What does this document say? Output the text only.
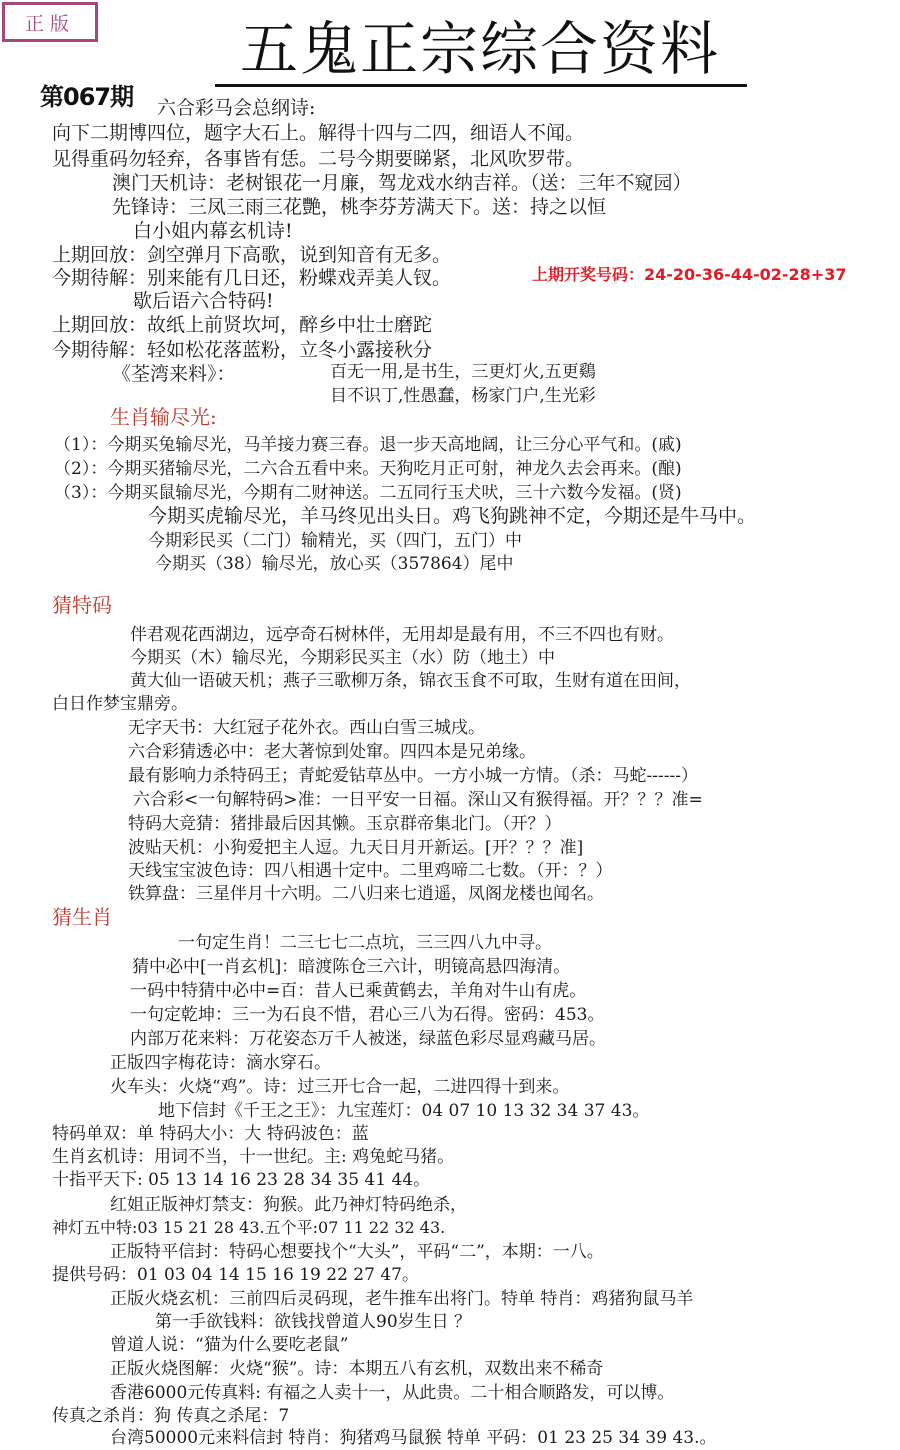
正版	五鬼正宗综合资料
第067期 六合彩马会总纲诗:
向下二期博四位，题字大石上。解得十四与二四，细语人不闻。
见得重码勿轻弃，各事皆有恁。二号今期要睇紧，北风吹罗带。
澳门天机诗：老树银花一月廉，驾龙戏水纳吉祥。（送：三年不窥园）
先锋诗：三凤三雨三花艷，桃李芬芳满天下。送：持之以恒
白小姐内幕玄机诗!
上期回放：剑空弹月下高歌，说到知音有无多。
今期待解：别来能有几日还，粉蝶戏弄美人钗。	上期开奖号码：24-20-36-44-02-28+37
歇后语六合特码!
上期回放：故纸上前贤坎坷，醉乡中壮士磨跎
今期待解：轻如松花落蓝粉，立冬小露接秋分
《荃湾来料》：	百无一用,是书生，三更灯火,五更鷄
目不识丁,性愚蠢，杨家门户,生光彩
生肖输尽光:
（1）：今期买兔输尽光，马羊接力赛三春。退一步天高地阔，让三分心平气和。(戚)
（2）：今期买猪输尽光，二六合五看中来。天狗吃月正可射，神龙久去会再来。(酿)
（3）：今期买鼠输尽光，今期有二财神送。二五同行玉犬吠，三十六数今发福。(贤)
今期买虎输尽光，羊马终见出头日。鸡飞狗跳神不定，今期还是牛马中。
今期彩民买（二门）输精光，买（四门，五门）中
今期买（38）输尽光，放心买（357864）尾中
猜特码
伴君观花西湖边，远亭奇石树林伴，无用却是最有用，不三不四也有财。
今期买（木）输尽光，今期彩民买主（水）防（地土）中
黄大仙一语破天机；燕子三歌柳万条，锦衣玉食不可取，生财有道在田间，
白日作梦宝鼎旁。
无字天书：大红冠子花外衣。西山白雪三城戌。
六合彩猜透必中：老大著惊到处窜。四四本是兄弟缘。
最有影响力杀特码王；青蛇爱钻草丛中。一方小城一方情。（杀：马蛇------）
六合彩<一句解特码>准：一日平安一日福。深山又有猴得福。开？？？准=
特码大竞猜：猪排最后因其懒。玉京群帝集北门。（开？）
波贴天机：小狗爱把主人逗。九天日月开新运。[开？？？准]
天线宝宝波色诗：四八相遇十定中。二里鸡啼二七数。（开：？）
铁算盘：三星伴月十六明。二八归来七逍遥，凤阁龙楼也闻名。
猜生肖
一句定生肖！二三七七二点坑，三三四八九中寻。
猜中必中[一肖玄机]：暗渡陈仓三六计，明镜高悬四海清。
一码中特猜中必中=百：昔人已乘黄鹤去，羊角对牛山有虎。
一句定乾坤：三一为石良不惜，君心三八为石得。密码：453。
内部万花来料：万花姿态万千人被迷，绿蓝色彩尽显鸡藏马居。
正版四字梅花诗：滴水穿石。
火车头：火烧“鸡”。诗：过三开七合一起，二进四得十到来。
地下信封《千王之王》：九宝莲灯：04 07 10 13 32 34 37 43。
特码单双：单 特码大小：大 特码波色：蓝
生肖玄机诗：用词不当，十一世纪。主: 鸡兔蛇马猪。
十指平天下: 05 13 14 16 23 28 34 35 41 44。
红姐正版神灯禁支：狗猴。此乃神灯特码绝杀，
神灯五中特:03 15 21 28 43.五个平:07 11 22 32 43.
正版特平信封：特码心想要找个“大头”，平码“二”，本期：一八。
提供号码：01 03 04 14 15 16 19 22 27 47。
正版火烧玄机：三前四后灵码现，老牛推车出将门。特单 特肖：鸡猪狗鼠马羊
第一手欲钱料：欲钱找曾道人90岁生日 ？
曾道人说：“猫为什么要吃老鼠”
正版火烧图解：火烧“猴”。诗：本期五八有玄机，双数出来不稀奇
香港6000元传真料: 有福之人卖十一，从此贵。二十相合顺路发，可以博。
传真之杀肖：狗 传真之杀尾：7
台湾50000元来料信封 特肖：狗猪鸡马鼠猴 特单 平码：01 23 25 34 39 43.。
